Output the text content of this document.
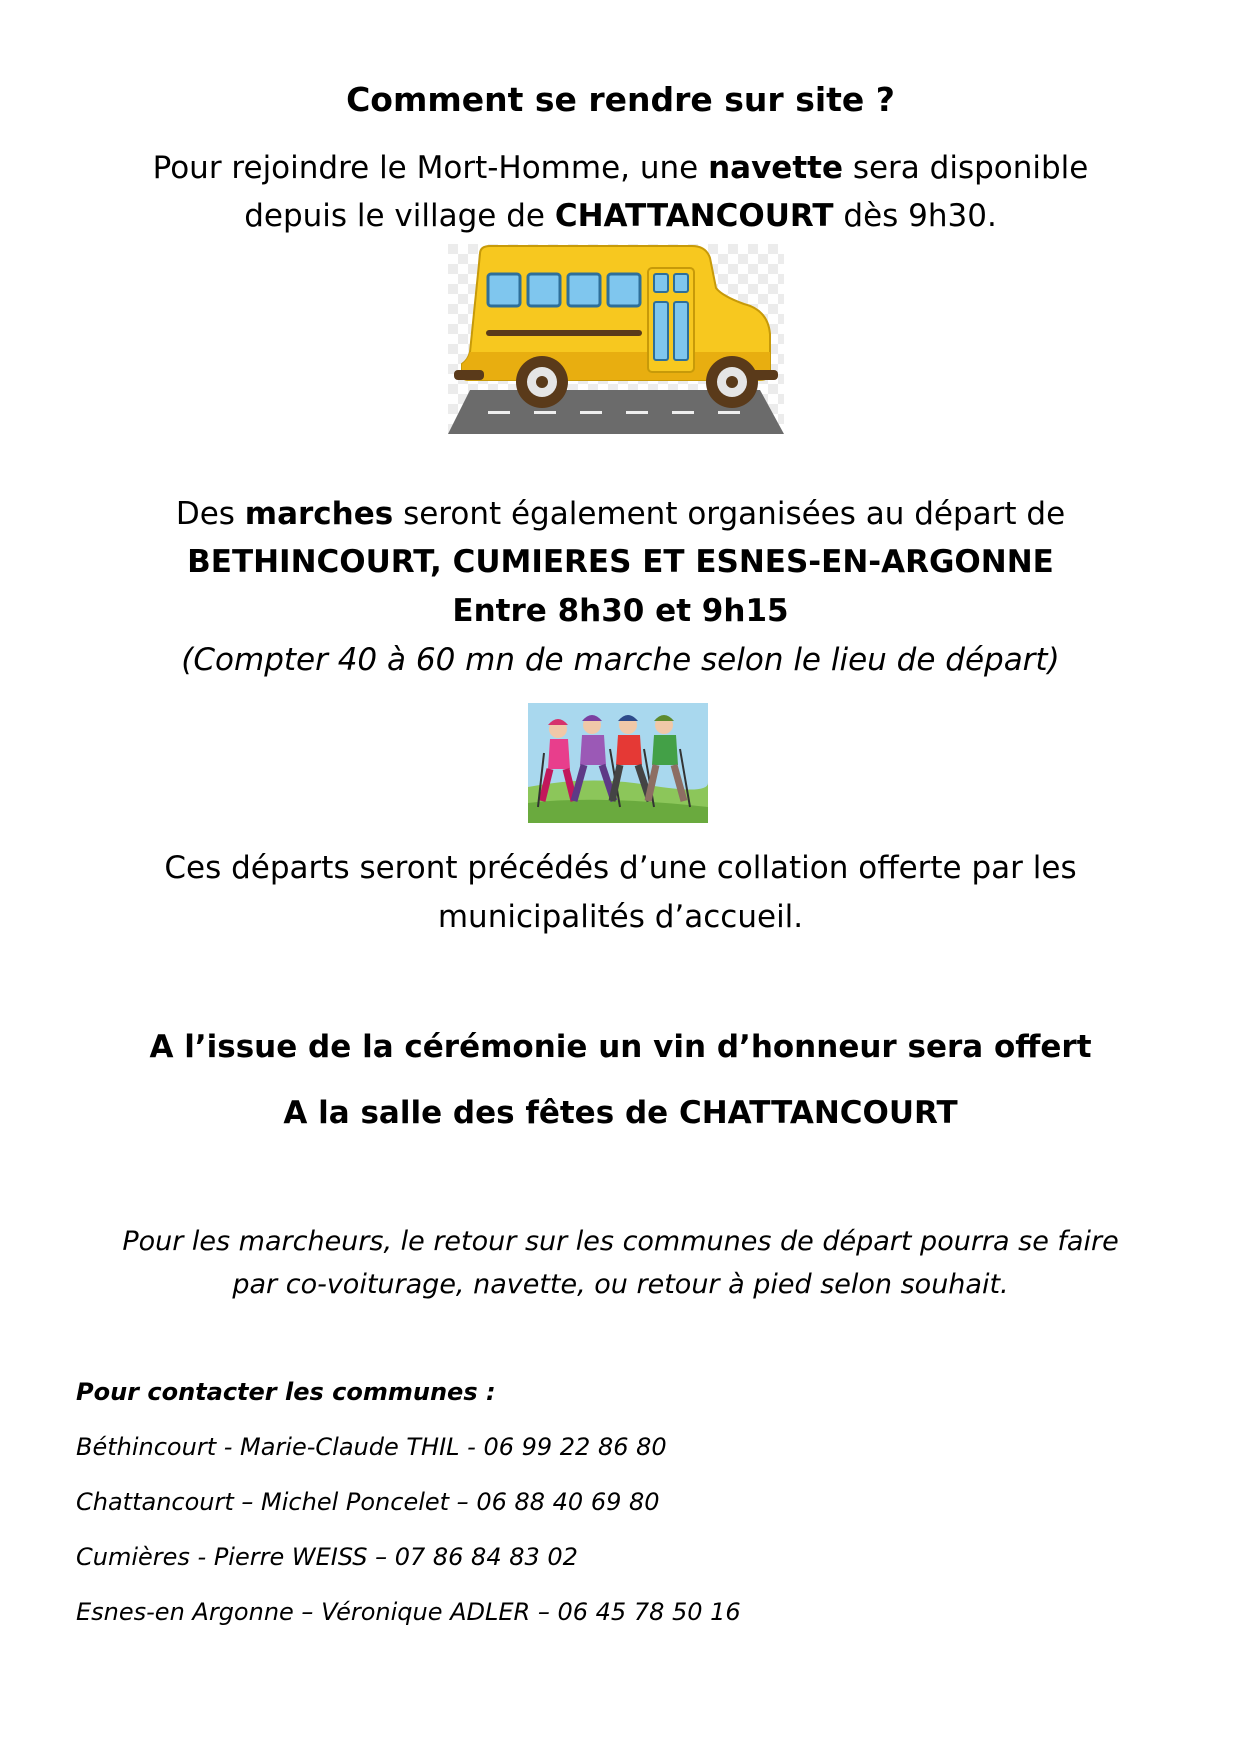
Comment se rendre sur site ?
Pour rejoindre le Mort-Homme, une navette sera disponible
depuis le village de CHATTANCOURT dès 9h30.
Des marches seront également organisées au départ de
BETHINCOURT, CUMIERES ET ESNES-EN-ARGONNE
Entre 8h30 et 9h15
(Compter 40 à 60 mn de marche selon le lieu de départ)
Ces départs seront précédés d’une collation offerte par les
municipalités d’accueil.
A l’issue de la cérémonie un vin d’honneur sera offert
A la salle des fêtes de CHATTANCOURT
Pour les marcheurs, le retour sur les communes de départ pourra se faire
par co-voiturage, navette, ou retour à pied selon souhait.
Pour contacter les communes :
Béthincourt - Marie-Claude THIL - 06 99 22 86 80
Chattancourt – Michel Poncelet – 06 88 40 69 80
Cumières - Pierre WEISS – 07 86 84 83 02
Esnes-en Argonne – Véronique ADLER – 06 45 78 50 16
